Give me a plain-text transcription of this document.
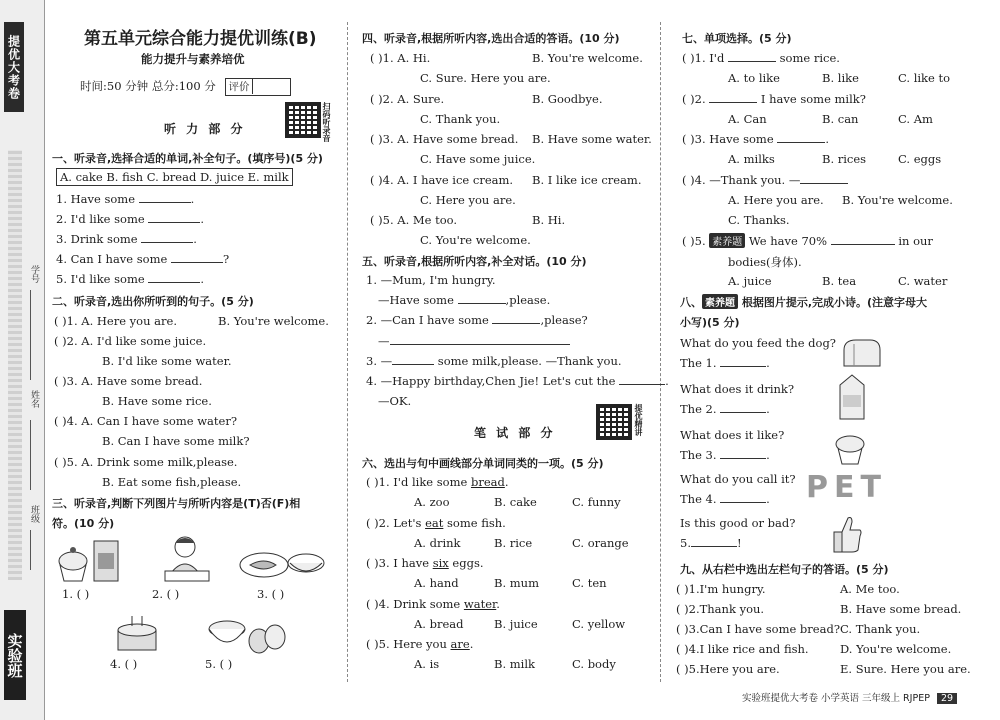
提优大考卷
学号
姓名
班级
实验班
第五单元综合能力提优训练(B)
能力提升与素养培优
时间:50 分钟 总分:100 分 评价
扫码听录音
听 力 部 分
一、听录音,选择合适的单词,补全句子。(填序号)(5 分)
A. cake B. fish C. bread D. juice E. milk
1. Have some	.
2. I'd like some	.
3. Drink some	.
4. Can I have some	?
5. I'd like some	.
二、听录音,选出你所听到的句子。(5 分)
( )1. A. Here you are.	B. You're welcome.
( )2. A. I'd like some juice.
B. I'd like some water.
( )3. A. Have some bread.
B. Have some rice.
( )4. A. Can I have some water?
B. Can I have some milk?
( )5. A. Drink some milk,please.
B. Eat some fish,please.
三、听录音,判断下列图片与所听内容是(T)否(F)相
符。(10 分)
1. ( )	2. ( )	3. ( )
4. ( )	5. ( )
四、听录音,根据所听内容,选出合适的答语。(10 分)
( )1. A. Hi.	B. You're welcome.
C. Sure. Here you are.
( )2. A. Sure.	B. Goodbye.
C. Thank you.
( )3. A. Have some bread. B. Have some water.
C. Have some juice.
( )4. A. I have ice cream. B. I like ice cream.
C. Here you are.
( )5. A. Me too.	B. Hi.
C. You're welcome.
五、听录音,根据所听内容,补全对话。(10 分)
1. —Mum, I'm hungry.
—Have some	,please.
2. —Can I have some	,please?
—
3. —	some milk,please. —Thank you.
4. —Happy birthday,Chen Jie! Let's cut the	.
—OK.
提优精讲
笔 试 部 分
六、选出与句中画线部分单词同类的一项。(5 分)
( )1. I'd like some bread.
A. zoo	B. cake	C. funny
( )2. Let's eat some fish.
A. drink	B. rice	C. orange
( )3. I have six eggs.
A. hand	B. mum	C. ten
( )4. Drink some water.
A. bread	B. juice	C. yellow
( )5. Here you are.
A. is	B. milk	C. body
七、单项选择。(5 分)
( )1. I'd	some rice.
A. to like	B. like	C. like to
( )2.	I have some milk?
A. Can	B. can	C. Am
( )3. Have some	.
A. milks	B. rices	C. eggs
( )4. —Thank you. —
A. Here you are. B. You're welcome.
C. Thanks.
( )5. 素养题 We have 70%	in our
bodies(身体).
A. juice	B. tea	C. water
八、 素养题 根据图片提示,完成小诗。(注意字母大
小写)(5 分)
What do you feed the dog?
The 1.	.
What does it drink?
The 2.	.
What does it like?
The 3.	.
What do you call it?
The 4.	. PET
Is this good or bad?
5.	!
九、从右栏中选出左栏句子的答语。(5 分)
( )1.I'm hungry.	A. Me too.
( )2.Thank you.	B. Have some bread.
( )3.Can I have some bread? C. Thank you.
( )4.I like rice and fish.	D. You're welcome.
( )5.Here you are.	E. Sure. Here you are.
实验班提优大考卷 小学英语 三年级上 RJPEP 29
